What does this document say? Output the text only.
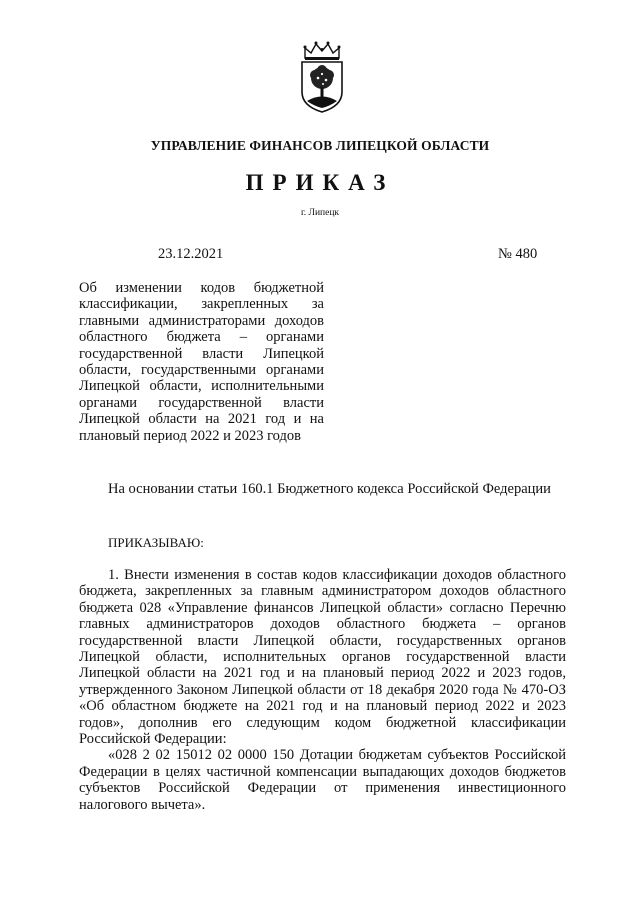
УПРАВЛЕНИЕ ФИНАНСОВ ЛИПЕЦКОЙ ОБЛАСТИ
ПРИКАЗ
г. Липецк
23.12.2021	№ 480
Об изменении кодов бюджетной классификации, закрепленных за главными администраторами доходов областного бюджета – органами государственной власти Липецкой области, государственными органами Липецкой области, исполнительными органами государственной власти Липецкой области на 2021 год и на плановый период 2022 и 2023 годов
На основании статьи 160.1 Бюджетного кодекса Российской Федерации
ПРИКАЗЫВАЮ:

1. Внести изменения в состав кодов классификации доходов областного бюджета, закрепленных за главным администратором доходов областного бюджета 028 «Управление финансов Липецкой области» согласно Перечню главных администраторов доходов областного бюджета – органов государственной власти Липецкой области, государственных органов Липецкой области, исполнительных органов государственной власти Липецкой области на 2021 год и на плановый период 2022 и 2023 годов, утвержденного Законом Липецкой области от 18 декабря 2020 года № 470-ОЗ «Об областном бюджете на 2021 год и на плановый период 2022 и 2023 годов», дополнив его следующим кодом бюджетной классификации Российской Федерации:

«028 2 02 15012 02 0000 150 Дотации бюджетам субъектов Российской Федерации в целях частичной компенсации выпадающих доходов бюджетов субъектов Российской Федерации от применения инвестиционного налогового вычета».
